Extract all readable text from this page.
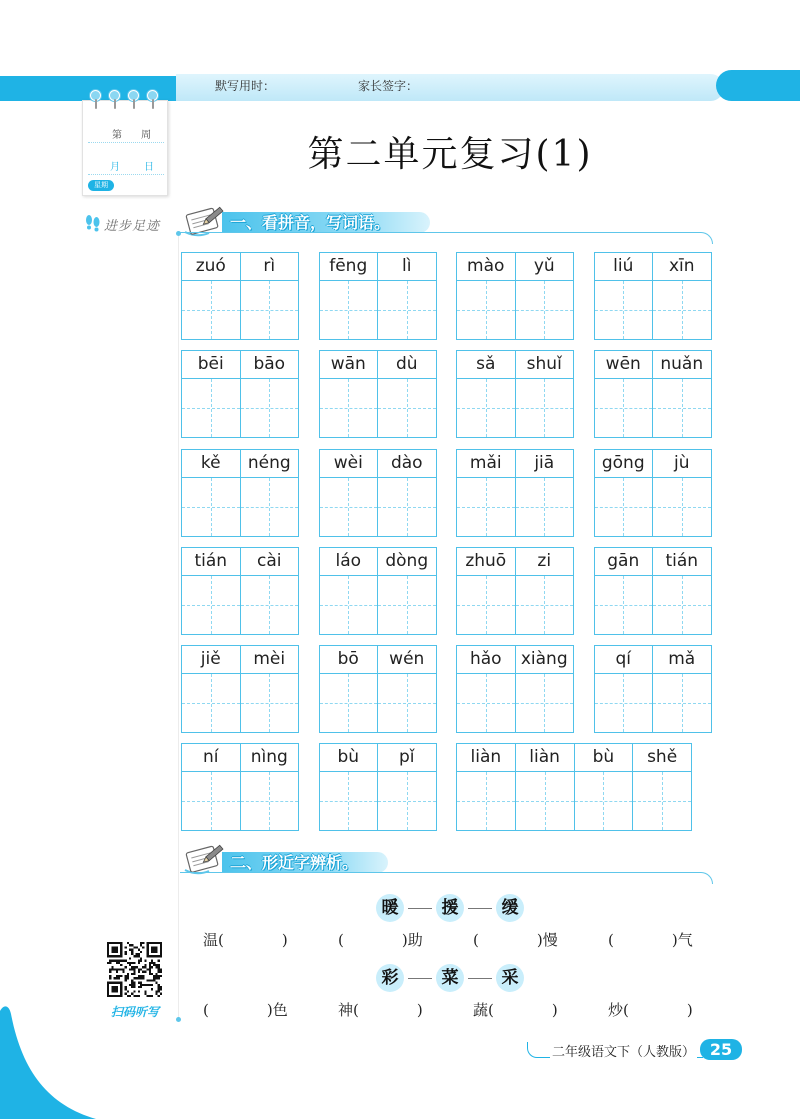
默写用时：	家长签字：
第 周
月 日
星期
进步足迹
第二单元复习(1)
一、看拼音，写词语。
zuó	rì	fēng	lì	mào	yǔ	liú	xīn
bēi	bāo	wān	dù	sǎ	shuǐ	wēn	nuǎn
kě	néng	wèi	dào	mǎi	jiā	gōng	jù
tián	cài	láo	dòng	zhuō	zi	gān	tián
jiě	mèi	bō	wén	hǎo	xiàng	qí	mǎ
ní	nìng	bù	pǐ	liàn	liàn	bù	shě
二、形近字辨析。
暖	援	缓
温(	)	(	)助	(	)慢	(	)气
彩	菜	采
(	)色	神(	)	蔬(	)	炒(	)
扫码听写
二年级语文下（人教版） 25
